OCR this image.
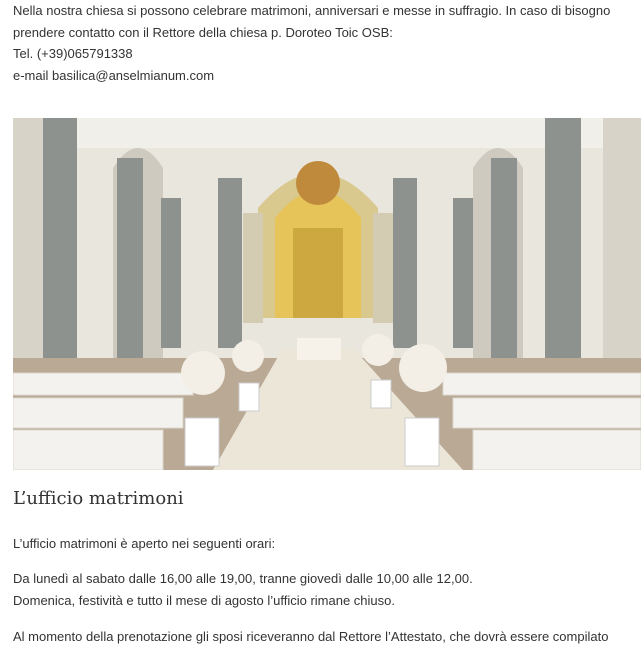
Nella nostra chiesa si possono celebrare matrimoni, anniversari e messe in suffragio. In caso di bisogno
prendere contatto con il Rettore della chiesa p. Doroteo Toic OSB:
Tel. (+39)065791338
e-mail basilica@anselmianum.com
L’ufficio matrimoni
L’ufficio matrimoni è aperto nei seguenti orari:
Da lunedì al sabato dalle 16,00 alle 19,00, tranne giovedì dalle 10,00 alle 12,00.
Domenica, festività e tutto il mese di agosto l’ufficio rimane chiuso.
Al momento della prenotazione gli sposi riceveranno dal Rettore l’Attestato, che dovrà essere compilato
